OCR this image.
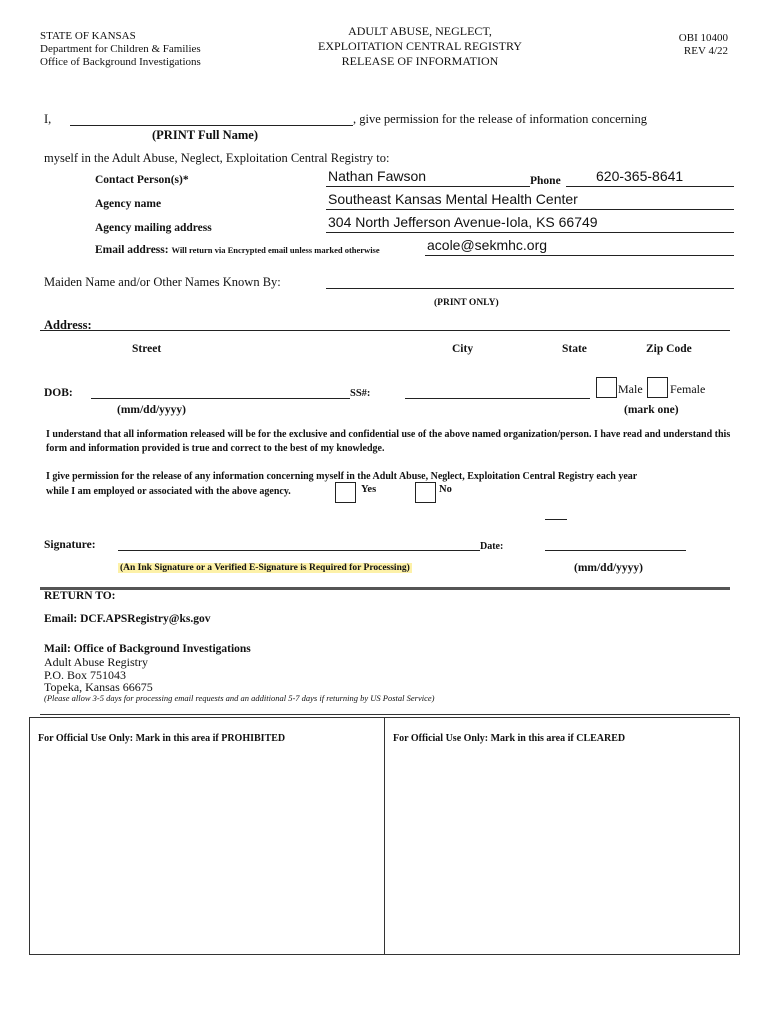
STATE OF KANSAS
Department for Children & Families
Office of Background Investigations
ADULT ABUSE, NEGLECT,
EXPLOITATION CENTRAL REGISTRY
RELEASE OF INFORMATION
OBI 10400
REV 4/22
I,	, give permission for the release of information concerning
(PRINT Full Name)
myself in the Adult Abuse, Neglect, Exploitation Central Registry to:
Contact Person(s)*	Nathan Fawson	Phone	620-365-8641
Agency name	Southeast Kansas Mental Health Center
Agency mailing address	304 North Jefferson Avenue-Iola, KS 66749
Email address: Will return via Encrypted email unless marked otherwise	acole@sekmhc.org
Maiden Name and/or Other Names Known By:
(PRINT ONLY)
Address:
Street	City	State	Zip Code
DOB:	SS#:	Male Female
(mm/dd/yyyy)	(mark one)
I understand that all information released will be for the exclusive and confidential use of the above named organization/person. I have read and understand this form and information provided is true and correct to the best of my knowledge.
I give permission for the release of any information concerning myself in the Adult Abuse, Neglect, Exploitation Central Registry each year
while I am employed or associated with the above agency.	Yes	No
Signature:	Date:
(An Ink Signature or a Verified E-Signature is Required for Processing)	(mm/dd/yyyy)
RETURN TO:
Email: DCF.APSRegistry@ks.gov
Mail: Office of Background Investigations
Adult Abuse Registry
P.O. Box 751043
Topeka, Kansas 66675
(Please allow 3-5 days for processing email requests and an additional 5-7 days if returning by US Postal Service)
For Official Use Only: Mark in this area if PROHIBITED	For Official Use Only: Mark in this area if CLEARED
